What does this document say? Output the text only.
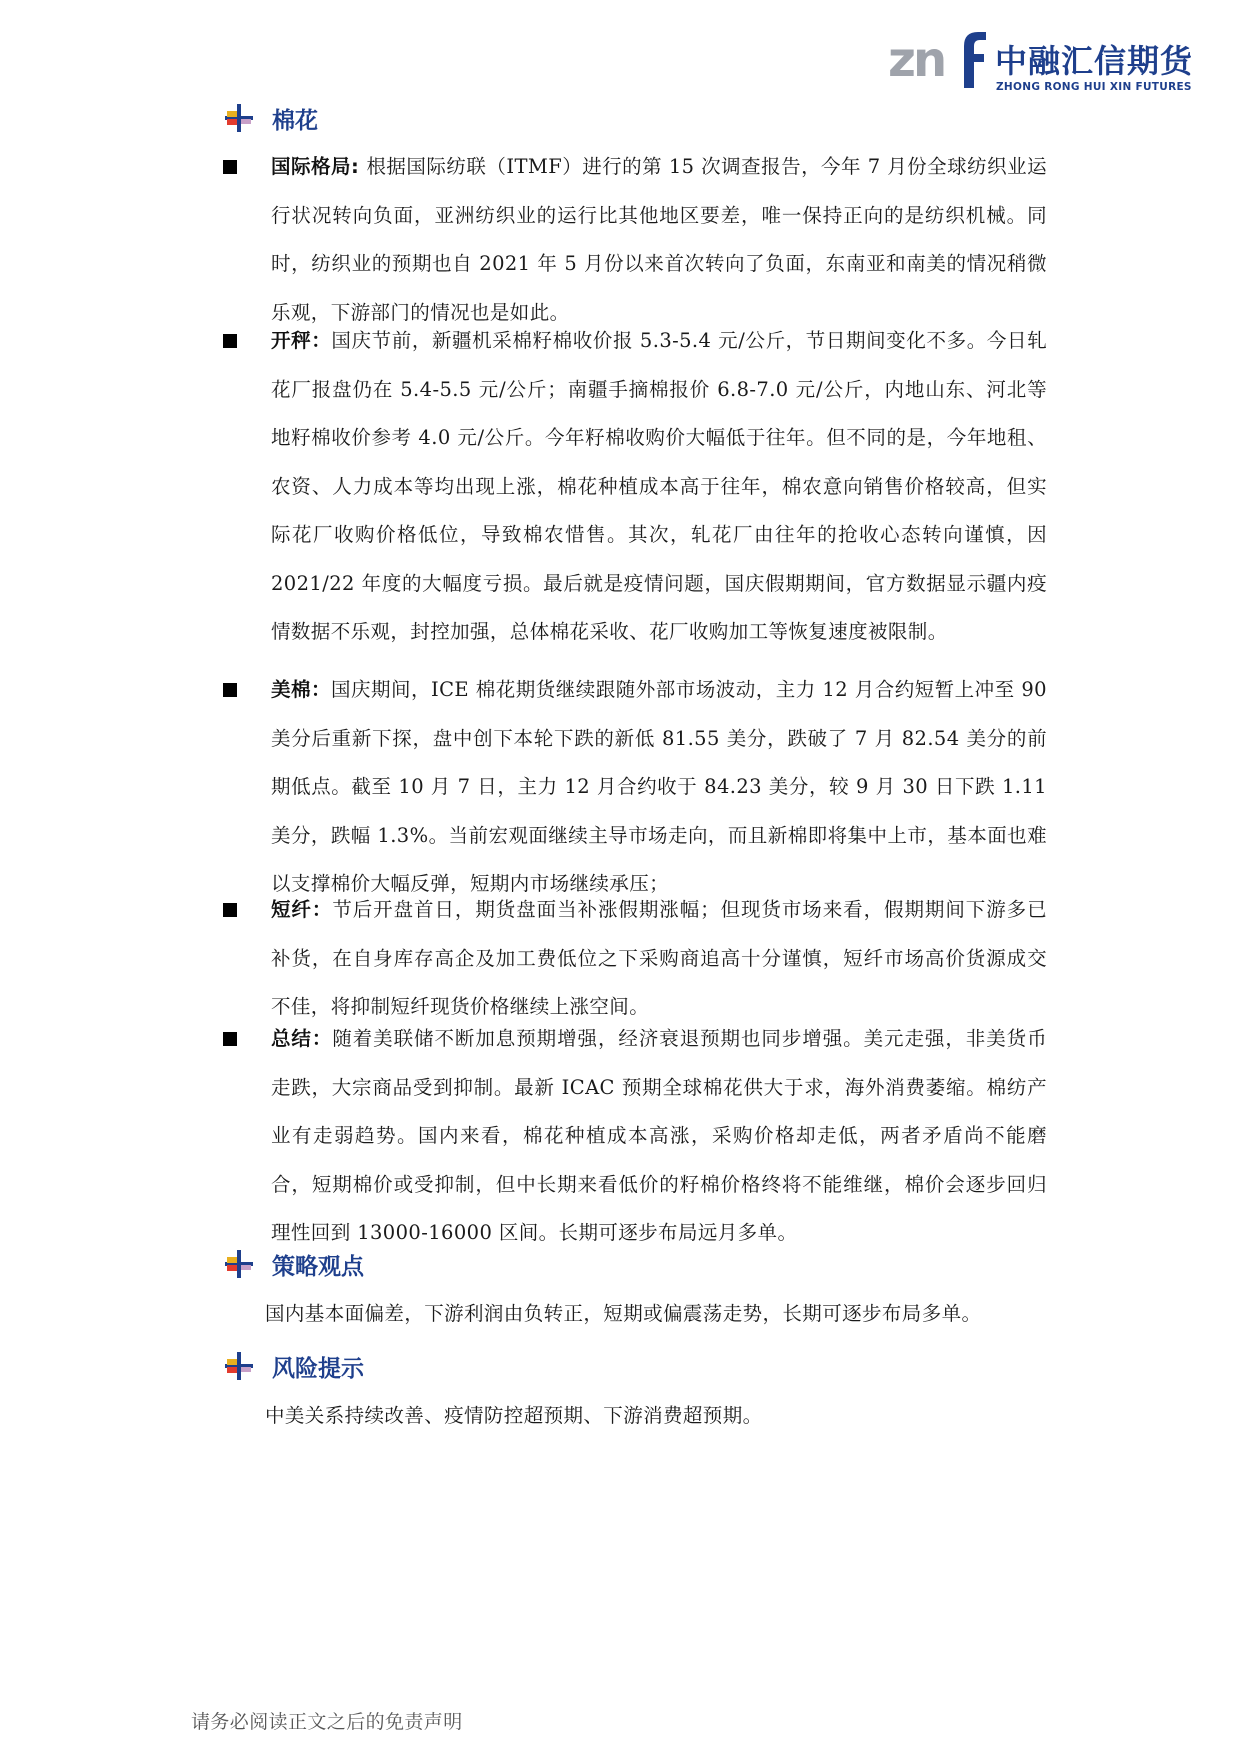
zn 中融汇信期货
ZHONG RONG HUI XIN FUTURES
棉花
国际格局: 根据国际纺联（ITMF）进行的第 15 次调查报告，今年 7 月份全球纺织业运行状况转向负面，亚洲纺织业的运行比其他地区要差，唯一保持正向的是纺织机械。同时，纺织业的预期也自 2021 年 5 月份以来首次转向了负面，东南亚和南美的情况稍微乐观，下游部门的情况也是如此。
开秤：国庆节前，新疆机采棉籽棉收价报 5.3-5.4 元/公斤，节日期间变化不多。今日轧花厂报盘仍在 5.4-5.5 元/公斤；南疆手摘棉报价 6.8-7.0 元/公斤，内地山东、河北等地籽棉收价参考 4.0 元/公斤。今年籽棉收购价大幅低于往年。但不同的是，今年地租、农资、人力成本等均出现上涨，棉花种植成本高于往年，棉农意向销售价格较高，但实际花厂收购价格低位，导致棉农惜售。其次，轧花厂由往年的抢收心态转向谨慎，因 2021/22 年度的大幅度亏损。最后就是疫情问题，国庆假期期间，官方数据显示疆内疫情数据不乐观，封控加强，总体棉花采收、花厂收购加工等恢复速度被限制。
美棉：国庆期间，ICE 棉花期货继续跟随外部市场波动，主力 12 月合约短暂上冲至 90 美分后重新下探，盘中创下本轮下跌的新低 81.55 美分，跌破了 7 月 82.54 美分的前期低点。截至 10 月 7 日，主力 12 月合约收于 84.23 美分，较 9 月 30 日下跌 1.11 美分，跌幅 1.3%。当前宏观面继续主导市场走向，而且新棉即将集中上市，基本面也难以支撑棉价大幅反弹，短期内市场继续承压；
短纤：节后开盘首日，期货盘面当补涨假期涨幅；但现货市场来看，假期期间下游多已补货，在自身库存高企及加工费低位之下采购商追高十分谨慎，短纤市场高价货源成交不佳，将抑制短纤现货价格继续上涨空间。
总结：随着美联储不断加息预期增强，经济衰退预期也同步增强。美元走强，非美货币走跌，大宗商品受到抑制。最新 ICAC 预期全球棉花供大于求，海外消费萎缩。棉纺产业有走弱趋势。国内来看，棉花种植成本高涨，采购价格却走低，两者矛盾尚不能磨合，短期棉价或受抑制，但中长期来看低价的籽棉价格终将不能维继，棉价会逐步回归理性回到 13000-16000 区间。长期可逐步布局远月多单。
策略观点
国内基本面偏差，下游利润由负转正，短期或偏震荡走势，长期可逐步布局多单。
风险提示
中美关系持续改善、疫情防控超预期、下游消费超预期。
请务必阅读正文之后的免责声明
